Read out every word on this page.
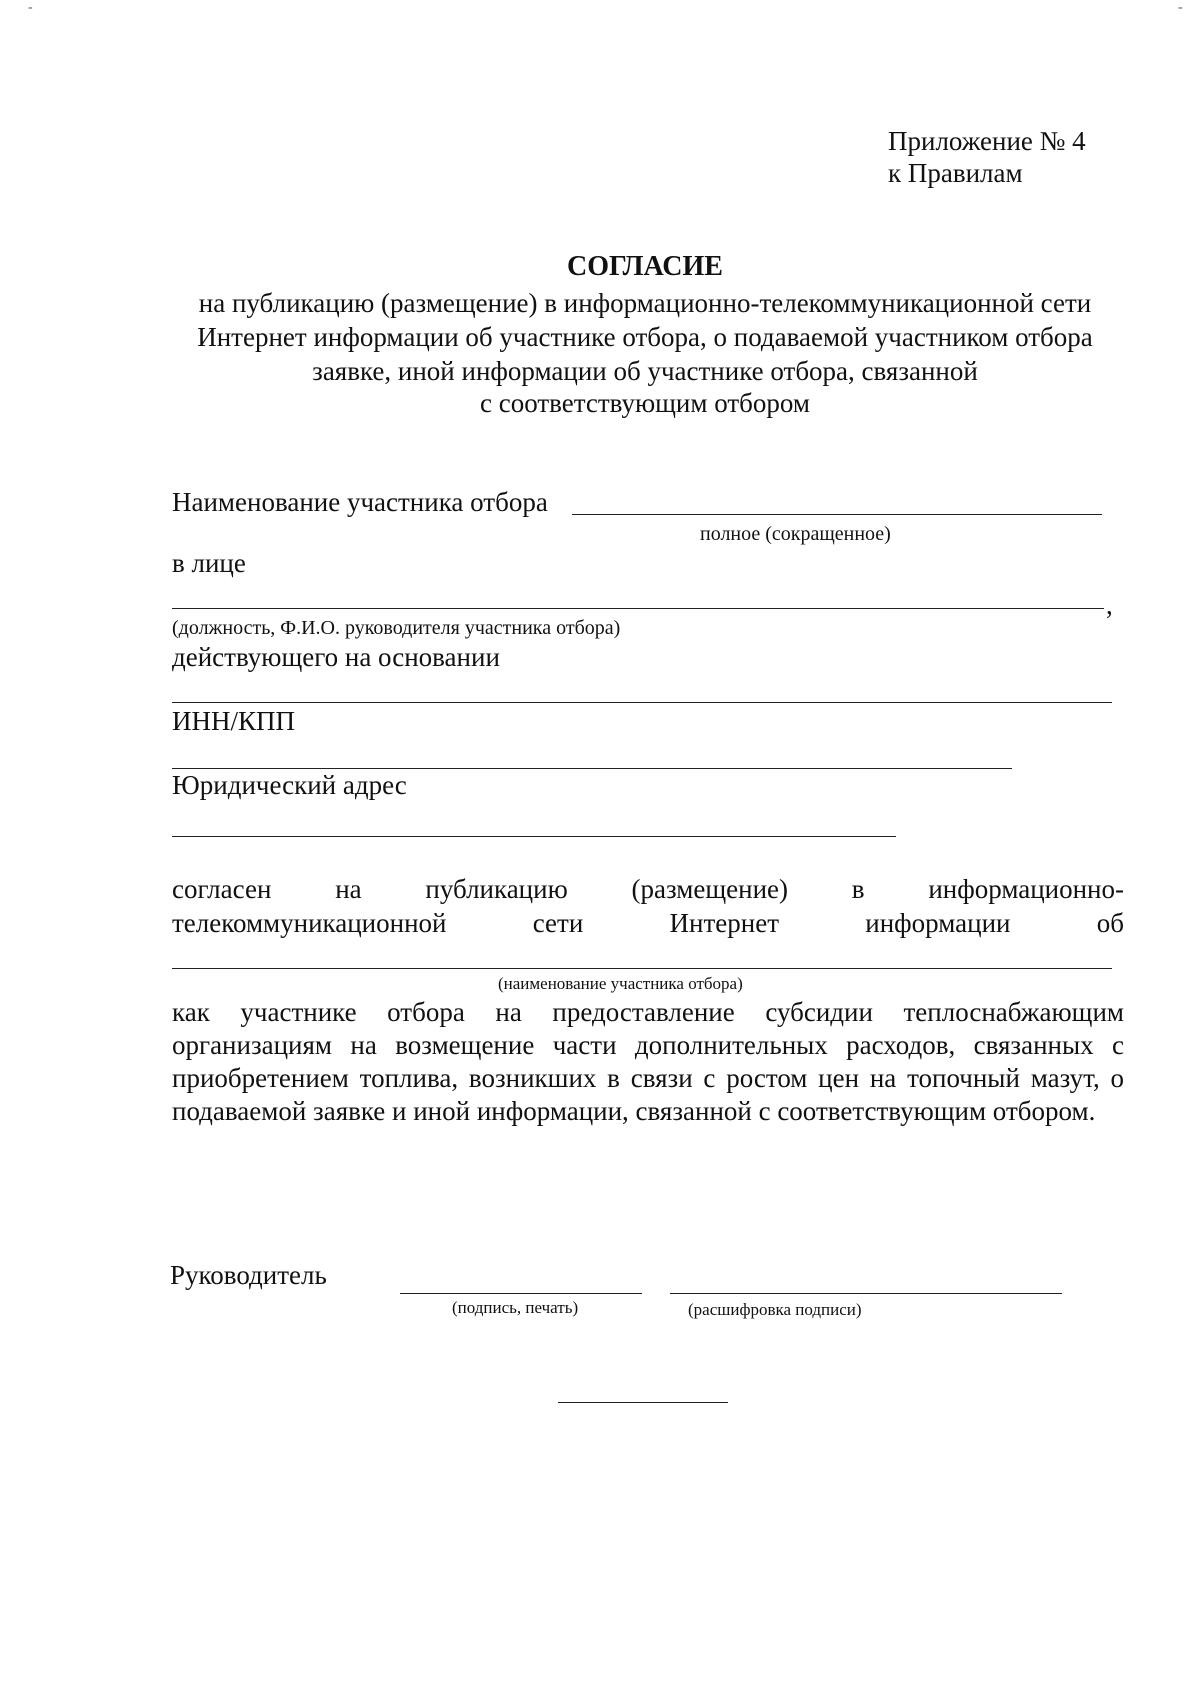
-	-
Приложение № 4
к Правилам
СОГЛАСИЕ
на публикацию (размещение) в информационно-телекоммуникационной сети
Интернет информации об участнике отбора, о подаваемой участником отбора
заявке, иной информации об участнике отбора, связанной
с соответствующим отбором
Наименование участника отбора
полное (сокращенное)
в лице
,
(должность, Ф.И.О. руководителя участника отбора)
действующего на основании
ИНН/КПП
Юридический адрес
согласен на публикацию (размещение) в информационно-
телекоммуникационной	сети	Интернет	информации	об
(наименование участника отбора)
как участнике отбора на предоставление субсидии теплоснабжающим организациям на возмещение части дополнительных расходов, связанных с приобретением топлива, возникших в связи с ростом цен на топочный мазут, о подаваемой заявке и иной информации, связанной с соответствующим отбором.
Руководитель
(подпись, печать)	(расшифровка подписи)
